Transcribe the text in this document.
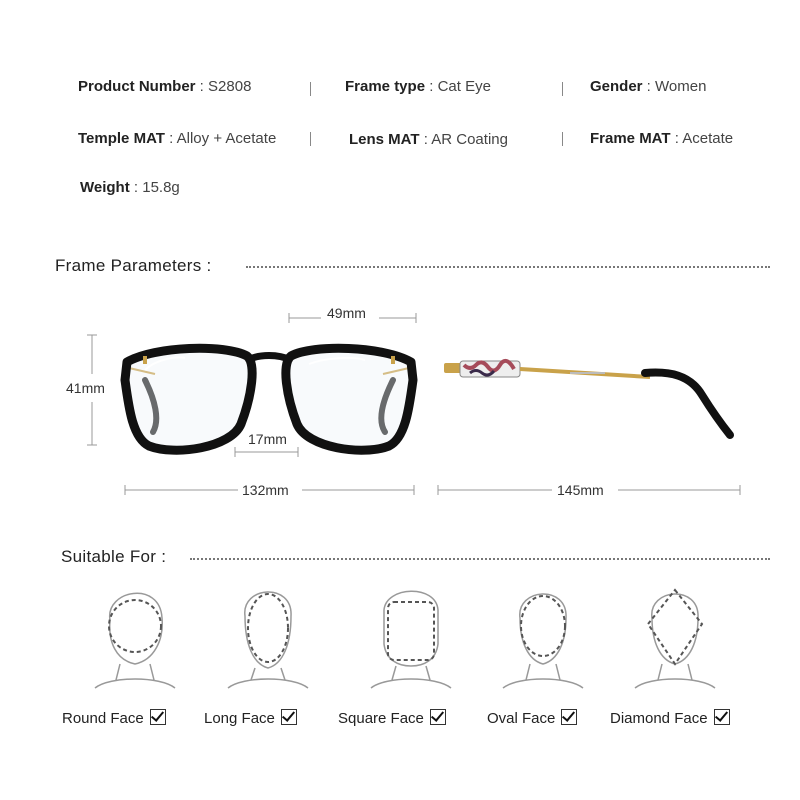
Product Number : S2808	Frame type : Cat Eye	Gender : Women
Temple MAT : Alloy + Acetate	Lens MAT : AR Coating	Frame MAT : Acetate
Weight : 15.8g
Frame Parameters :
49mm
41mm
17mm
132mm	145mm
Suitable For :
Round Face	Long Face	Square Face	Oval Face	Diamond Face
